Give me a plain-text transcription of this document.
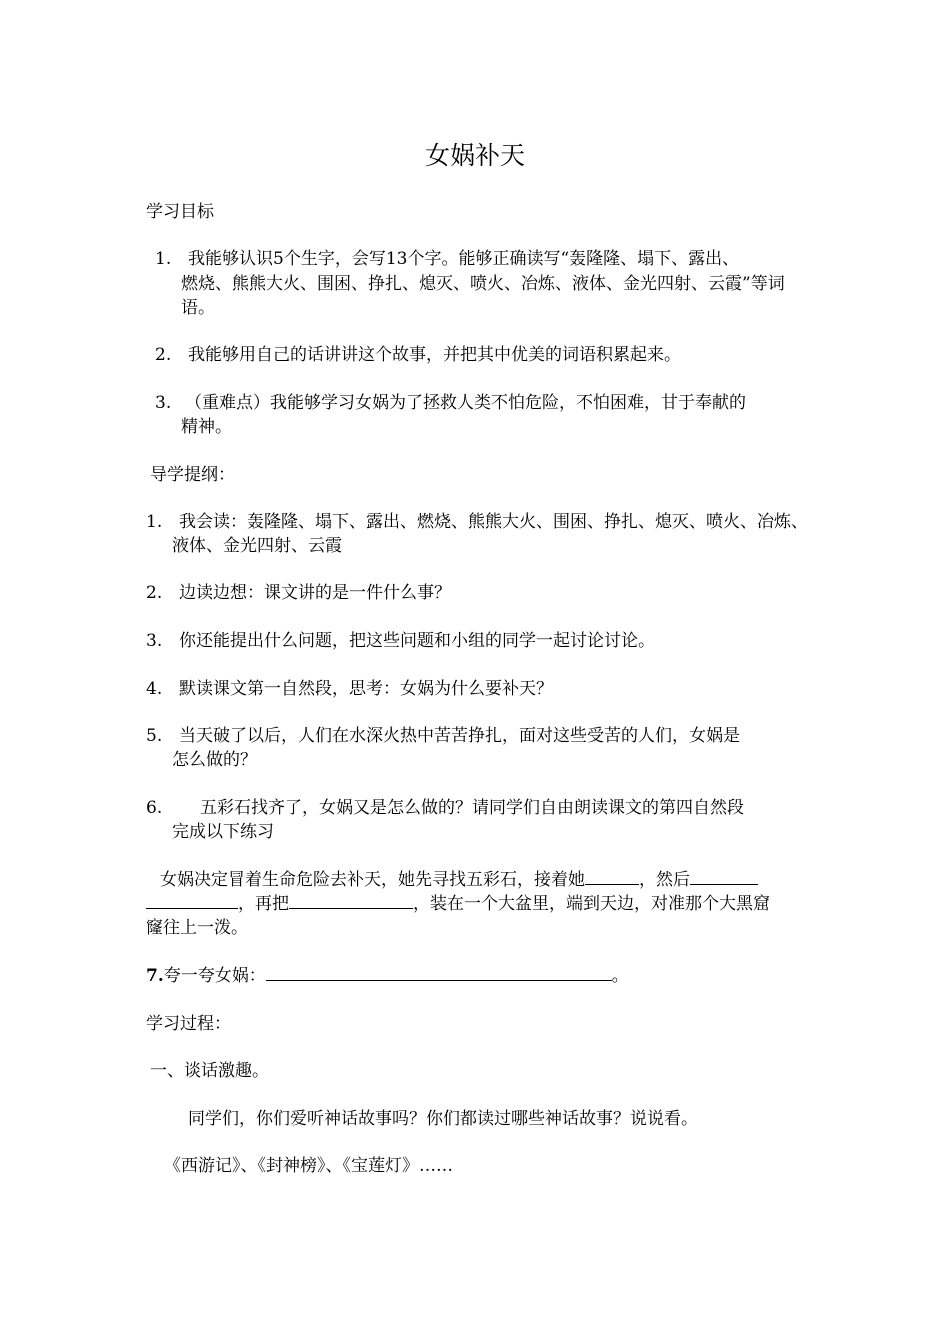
女娲补天
学习目标
1. 我能够认识5个生字，会写13个字。能够正确读写“轰隆隆、塌下、露出、
燃烧、熊熊大火、围困、挣扎、熄灭、喷火、冶炼、液体、金光四射、云霞”等词
语。
2. 我能够用自己的话讲讲这个故事，并把其中优美的词语积累起来。
3. （重难点）我能够学习女娲为了拯救人类不怕危险，不怕困难，甘于奉献的
精神。
导学提纲：
1. 我会读：轰隆隆、塌下、露出、燃烧、熊熊大火、围困、挣扎、熄灭、喷火、冶炼、
液体、金光四射、云霞
2. 边读边想：课文讲的是一件什么事？
3. 你还能提出什么问题，把这些问题和小组的同学一起讨论讨论。
4. 默读课文第一自然段，思考：女娲为什么要补天？
5. 当天破了以后，人们在水深火热中苦苦挣扎，面对这些受苦的人们，女娲是
怎么做的？
6. 五彩石找齐了，女娲又是怎么做的？请同学们自由朗读课文的第四自然段
完成以下练习
女娲决定冒着生命危险去补天，她先寻找五彩石，接着她	，然后
，再把	，装在一个大盆里，端到天边，对准那个大黑窟
窿往上一泼。
7.夸一夸女娲：	。
学习过程：
一、谈话激趣。
同学们，你们爱听神话故事吗？你们都读过哪些神话故事？说说看。
《西游记》、《封神榜》、《宝莲灯》……
